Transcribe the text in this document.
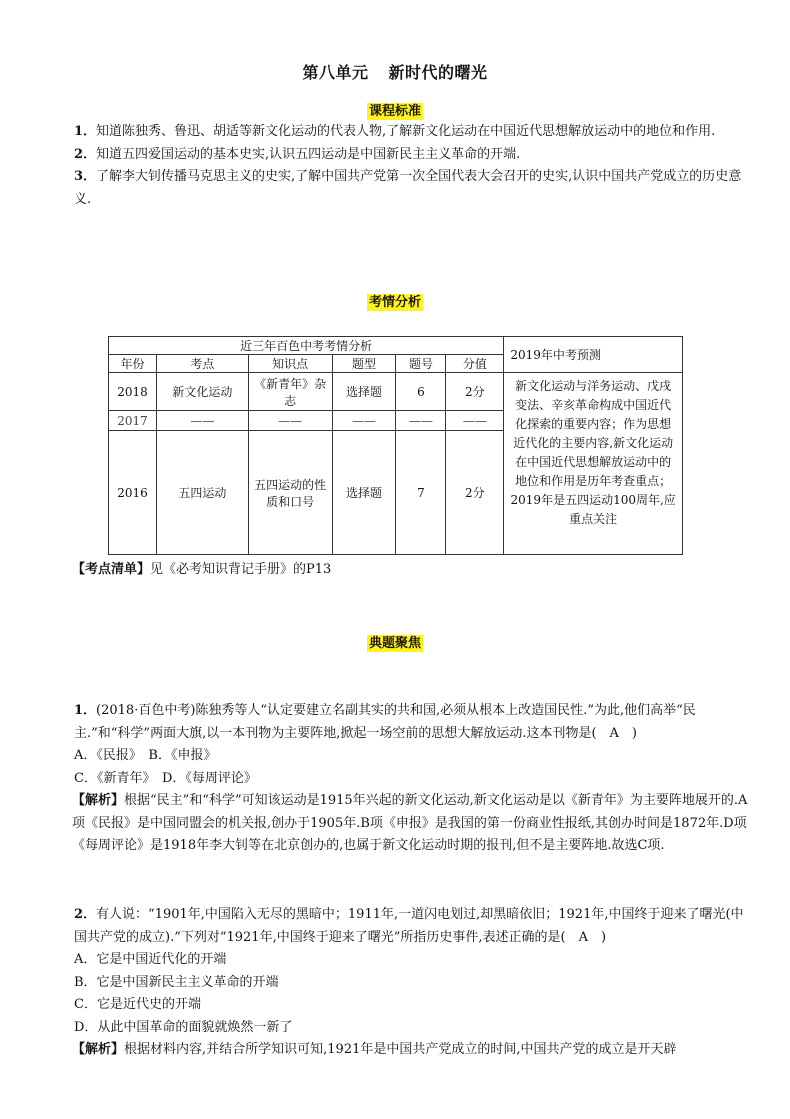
第八单元 新时代的曙光
课程标准

1．知道陈独秀、鲁迅、胡适等新文化运动的代表人物,了解新文化运动在中国近代思想解放运动中的地位和作用.

2．知道五四爱国运动的基本史实,认识五四运动是中国新民主主义革命的开端.

3．了解李大钊传播马克思主义的史实,了解中国共产党第一次全国代表大会召开的史实,认识中国共产党成立的历史意义.

考情分析
近三年百色中考考情分析						2019年中考预测
年份	考点	知识点	题型	题号	分值	
2018	新文化运动	《新青年》杂志	选择题	6	2分	新文化运动与洋务运动、戊戌变法、辛亥革命构成中国近代化探索的重要内容；作为思想近代化的主要内容,新文化运动在中国近代思想解放运动中的地位和作用是历年考查重点；2019年是五四运动100周年,应重点关注
2017	——	——	——	——	——	
2016	五四运动	五四运动的性质和口号	选择题	7	2分	

【考点清单】见《必考知识背记手册》的P13

典题聚焦

1．(2018·百色中考)陈独秀等人“认定要建立名副其实的共和国,必须从根本上改造国民性.”为此,他们高举“民主.”和“科学”两面大旗,以一本刊物为主要阵地,掀起一场空前的思想大解放运动.这本刊物是(　A　)

A．《民报》　B．《申报》

C．《新青年》　D．《每周评论》

【解析】根据“民主”和“科学”可知该运动是1915年兴起的新文化运动,新文化运动是以《新青年》为主要阵地展开的.A项《民报》是中国同盟会的机关报,创办于1905年.B项《申报》是我国的第一份商业性报纸,其创办时间是1872年.D项《每周评论》是1918年李大钊等在北京创办的,也属于新文化运动时期的报刊,但不是主要阵地.故选C项.

2．有人说：“1901年,中国陷入无尽的黑暗中；1911年,一道闪电划过,却黑暗依旧；1921年,中国终于迎来了曙光(中国共产党的成立).”下列对“1921年,中国终于迎来了曙光”所指历史事件,表述正确的是(　A　)

A．它是中国近代化的开端

B．它是中国新民主主义革命的开端

C．它是近代史的开端

D．从此中国革命的面貌就焕然一新了

【解析】根据材料内容,并结合所学知识可知,1921年是中国共产党成立的时间,中国共产党的成立是开天辟
